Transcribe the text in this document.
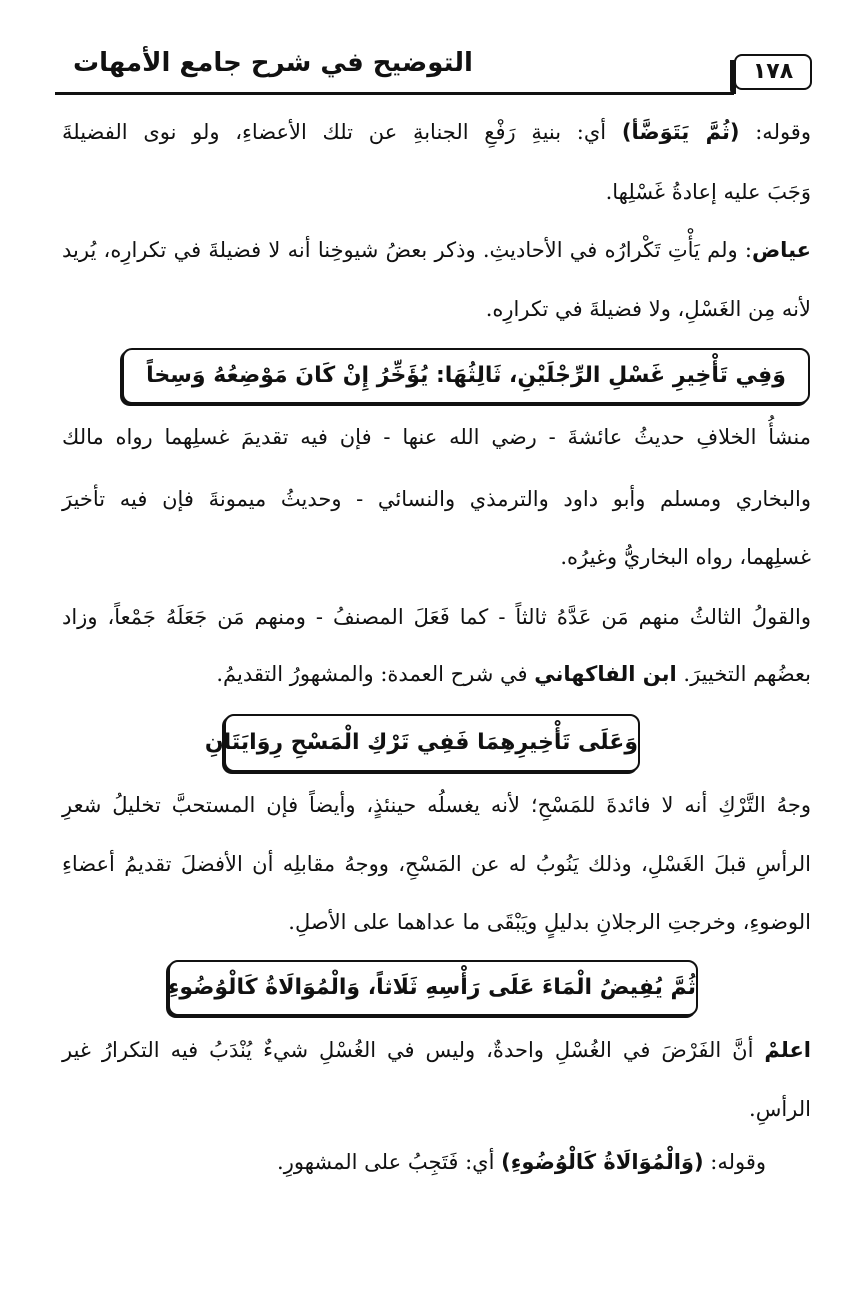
١٧٨
التوضيح في شرح جامع الأمهات
وقوله: (ثُمَّ يَتَوَضَّأ) أي: بنيةِ رَفْعِ الجنابةِ عن تلك الأعضاءِ، ولو نوى الفضيلةَ
وَجَبَ عليه إعادةُ غَسْلِها.
عياض: ولم يَأْتِ تَكْرارُه في الأحاديثِ. وذكر بعضُ شيوخِنا أنه لا فضيلةَ في تكرارِه، يُريد
لأنه مِن الغَسْلِ، ولا فضيلةَ في تكرارِه.
وَفِي تَأْخِيرِ غَسْلِ الرِّجْلَيْنِ، ثَالِثُهَا: يُؤَخِّرُ إِنْ كَانَ مَوْضِعُهُ وَسِخاً
منشأُ الخلافِ حديثُ عائشةَ - رضي الله عنها - فإن فيه تقديمَ غسلِهما رواه مالك
والبخاري ومسلم وأبو داود والترمذي والنسائي - وحديثُ ميمونةَ فإن فيه تأخيرَ
غسلِهما، رواه البخاريُّ وغيرُه.
والقولُ الثالثُ منهم مَن عَدَّهُ ثالثاً - كما فَعَلَ المصنفُ - ومنهم مَن جَعَلَهُ جَمْعاً، وزاد
بعضُهم التخييرَ. ابن الفاكهاني في شرح العمدة: والمشهورُ التقديمُ.
وَعَلَى تَأْخِيرِهِمَا فَفِي تَرْكِ الْمَسْحِ رِوَايَتَانِ
وجهُ التَّرْكِ أنه لا فائدةَ للمَسْحِ؛ لأنه يغسلُه حينئذٍ، وأيضاً فإن المستحبَّ تخليلُ شعرِ
الرأسِ قبلَ الغَسْلِ، وذلك يَنُوبُ له عن المَسْحِ، ووجهُ مقابلِه أن الأفضلَ تقديمُ أعضاءِ
الوضوءِ، وخرجتِ الرجلانِ بدليلٍ ويَبْقَى ما عداهما على الأصلِ.
ثُمَّ يُفِيضُ الْمَاءَ عَلَى رَأْسِهِ ثَلَاثاً، وَالْمُوَالَاةُ كَالْوُضُوءِ
اعلمْ أنَّ الفَرْضَ في الغُسْلِ واحدةٌ، وليس في الغُسْلِ شيءٌ يُنْدَبُ فيه التكرارُ غير
الرأسِ.
وقوله: (وَالْمُوَالَاةُ كَالْوُضُوءِ) أي: فَتَجِبُ على المشهورِ.
